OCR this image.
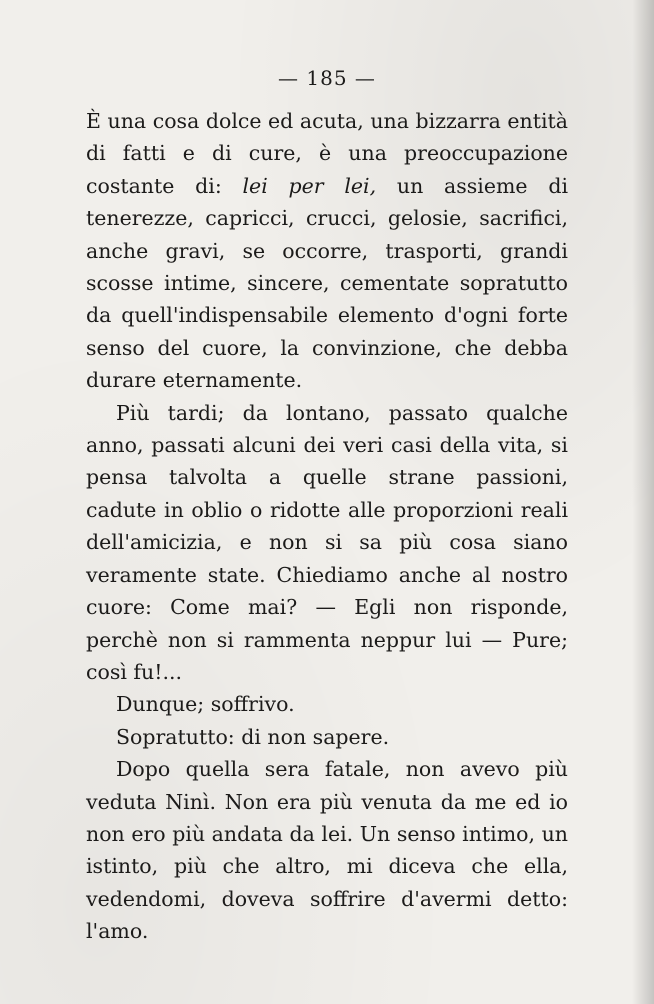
— 185 —

È una cosa dolce ed acuta, una bizzarra entità di fatti e di cure, è una preoccupazione costante di: lei per lei, un assieme di tenerezze, capricci, crucci, gelosie, sacrifici, anche gravi, se occorre, trasporti, grandi scosse intime, sincere, cementate sopratutto da quell'indispensabile elemento d'ogni forte senso del cuore, la convinzione, che debba durare eternamente.

Più tardi; da lontano, passato qualche anno, passati alcuni dei veri casi della vita, si pensa talvolta a quelle strane passioni, cadute in oblio o ridotte alle proporzioni reali dell'amicizia, e non si sa più cosa siano veramente state. Chiediamo anche al nostro cuore: Come mai? — Egli non risponde, perchè non si rammenta neppur lui — Pure; così fu!...

Dunque; soffrivo.

Sopratutto: di non sapere.

Dopo quella sera fatale, non avevo più veduta Ninì. Non era più venuta da me ed io non ero più andata da lei. Un senso intimo, un istinto, più che altro, mi diceva che ella, vedendomi, doveva soffrire d'avermi detto: l'amo.
